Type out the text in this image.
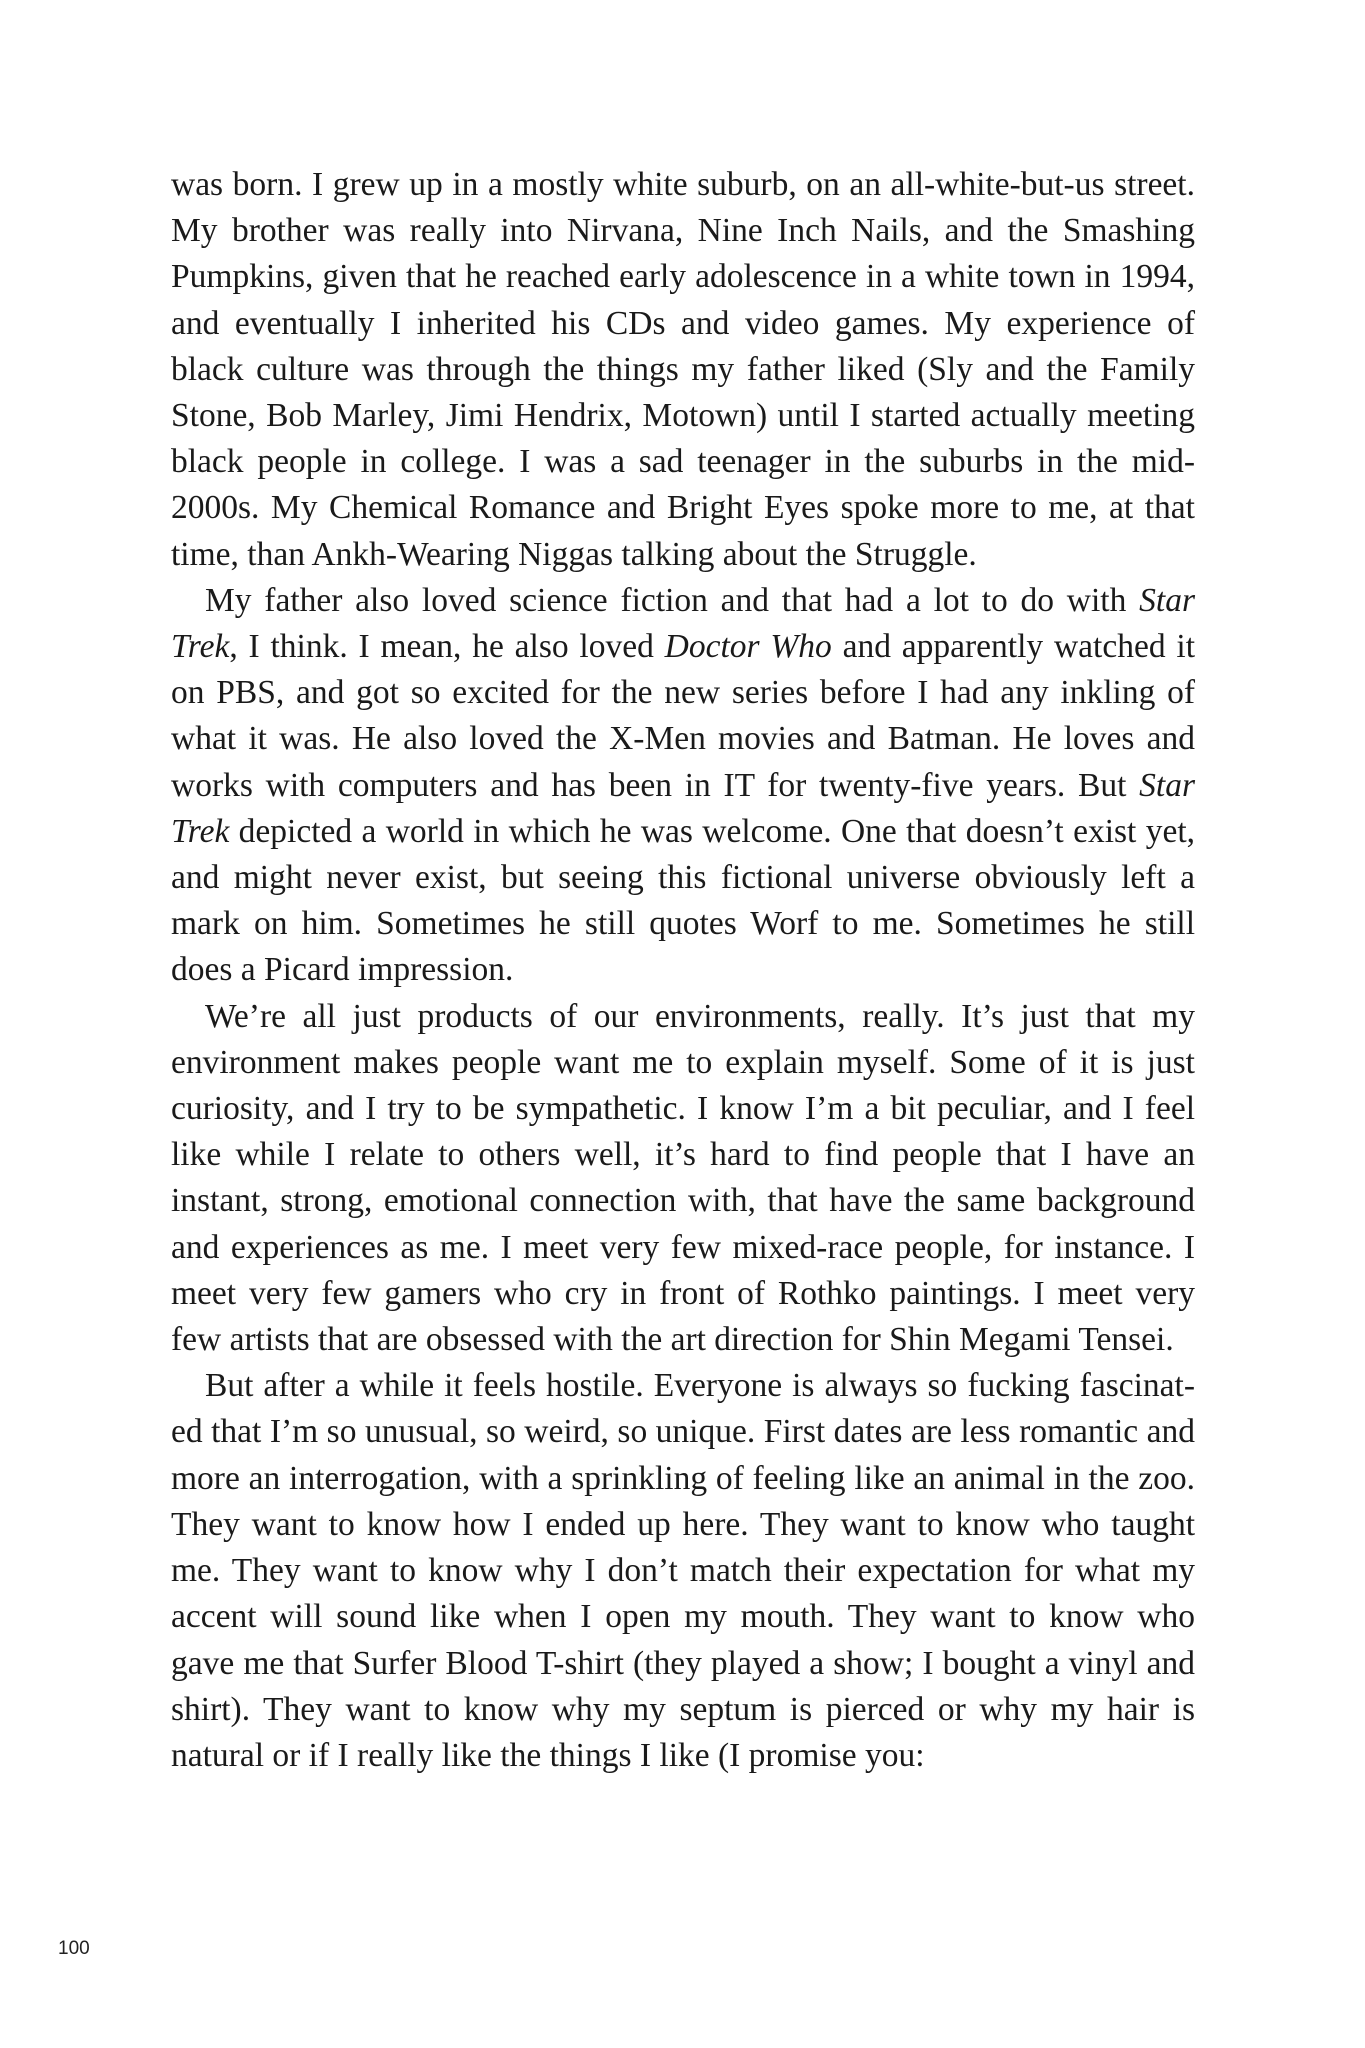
was born. I grew up in a mostly white suburb, on an all-white-but-us street. My brother was really into Nirvana, Nine Inch Nails, and the Smashing Pumpkins, given that he reached early adolescence in a white town in 1994, and eventually I inherited his CDs and video games. My experience of black culture was through the things my father liked (Sly and the Family Stone, Bob Marley, Jimi Hendrix, Motown) until I started actually meeting black people in college. I was a sad teenager in the suburbs in the mid-2000s. My Chemical Romance and Bright Eyes spoke more to me, at that time, than Ankh-Wearing Niggas talking about the Struggle.

My father also loved science fiction and that had a lot to do with Star Trek, I think. I mean, he also loved Doctor Who and apparently watched it on PBS, and got so excited for the new series before I had any inkling of what it was. He also loved the X-Men movies and Batman. He loves and works with computers and has been in IT for twenty-five years. But Star Trek depicted a world in which he was welcome. One that doesn’t exist yet, and might never exist, but seeing this fictional universe obviously left a mark on him. Sometimes he still quotes Worf to me. Sometimes he still does a Picard impression.

We’re all just products of our environments, really. It’s just that my environment makes people want me to explain myself. Some of it is just curiosity, and I try to be sympathetic. I know I’m a bit peculiar, and I feel like while I relate to others well, it’s hard to find people that I have an instant, strong, emotional connection with, that have the same background and experiences as me. I meet very few mixed-race people, for instance. I meet very few gamers who cry in front of Rothko paintings. I meet very few artists that are obsessed with the art direction for Shin Megami Tensei.

But after a while it feels hostile. Everyone is always so fucking fascinated that I’m so unusual, so weird, so unique. First dates are less romantic and more an interrogation, with a sprinkling of feeling like an animal in the zoo. They want to know how I ended up here. They want to know who taught me. They want to know why I don’t match their expectation for what my accent will sound like when I open my mouth. They want to know who gave me that Surfer Blood T-shirt (they played a show; I bought a vinyl and shirt). They want to know why my septum is pierced or why my hair is natural or if I really like the things I like (I promise you:

100
